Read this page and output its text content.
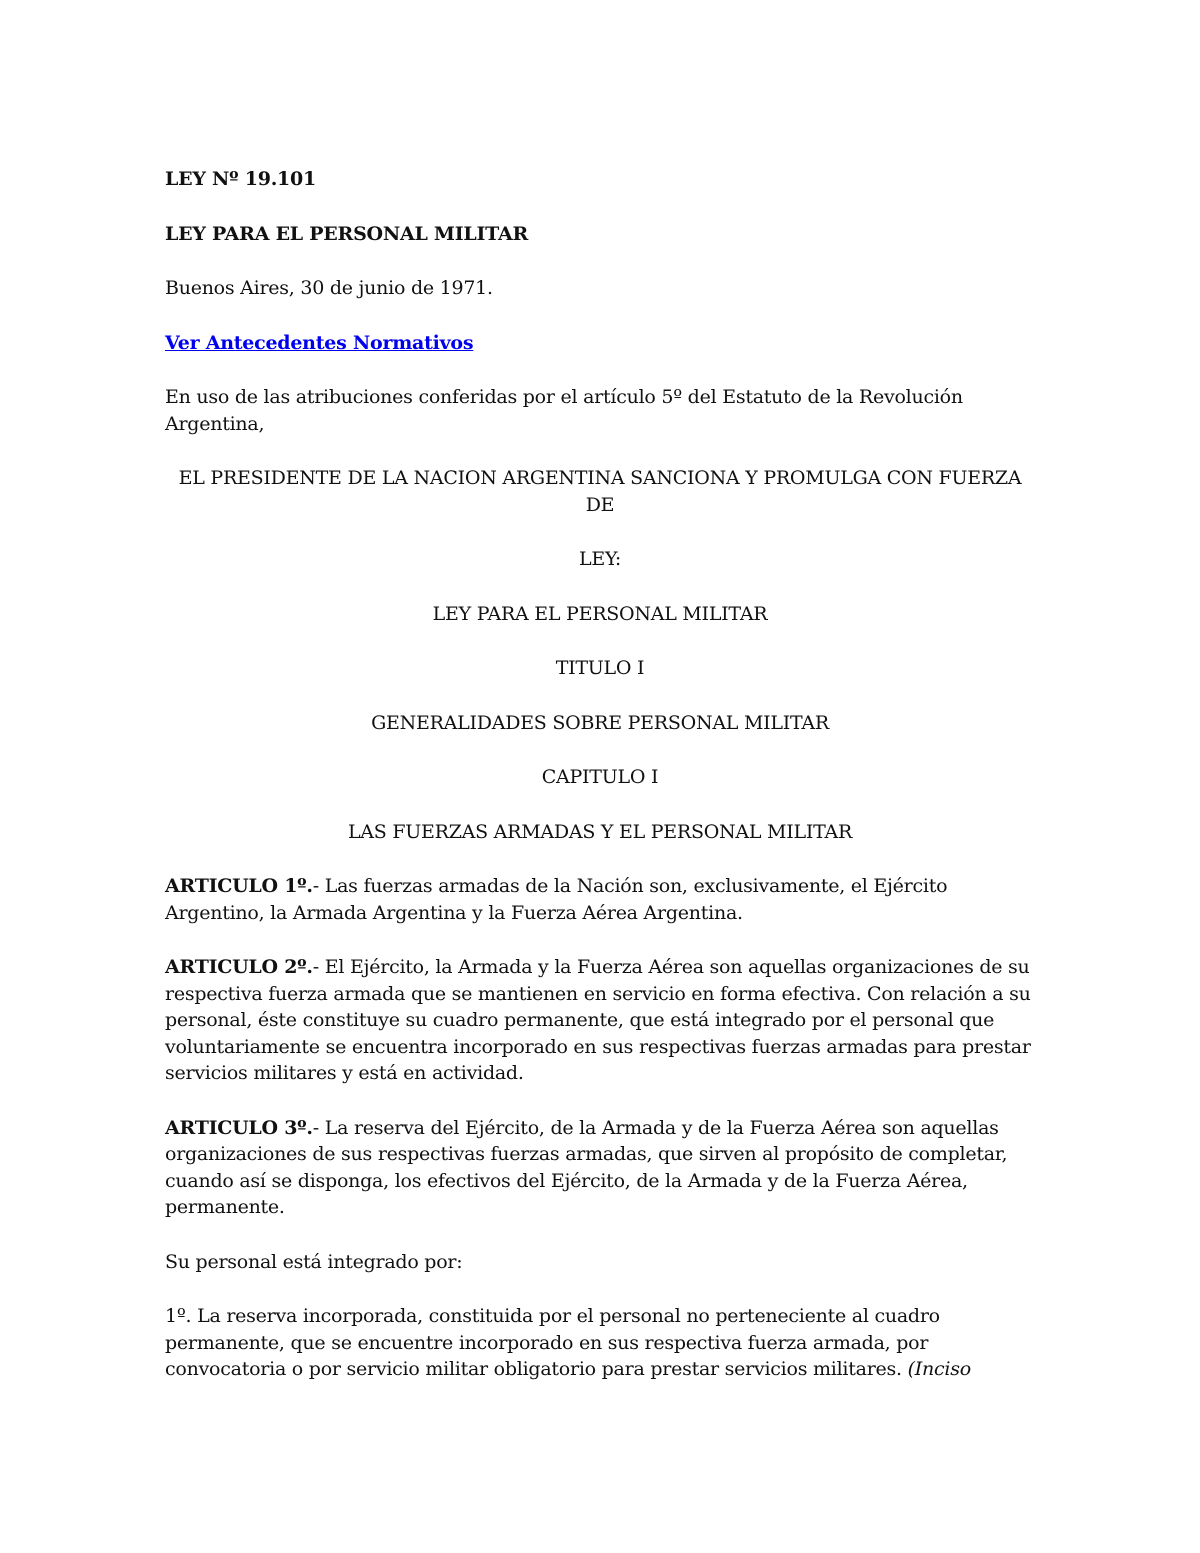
LEY Nº 19.101

LEY PARA EL PERSONAL MILITAR

Buenos Aires, 30 de junio de 1971.

Ver Antecedentes Normativos

En uso de las atribuciones conferidas por el artículo 5º del Estatuto de la Revolución Argentina,

EL PRESIDENTE DE LA NACION ARGENTINA SANCIONA Y PROMULGA CON FUERZA DE

LEY:

LEY PARA EL PERSONAL MILITAR

TITULO I

GENERALIDADES SOBRE PERSONAL MILITAR

CAPITULO I

LAS FUERZAS ARMADAS Y EL PERSONAL MILITAR

ARTICULO 1º.- Las fuerzas armadas de la Nación son, exclusivamente, el Ejército Argentino, la Armada Argentina y la Fuerza Aérea Argentina.

ARTICULO 2º.- El Ejército, la Armada y la Fuerza Aérea son aquellas organizaciones de su respectiva fuerza armada que se mantienen en servicio en forma efectiva. Con relación a su personal, éste constituye su cuadro permanente, que está integrado por el personal que voluntariamente se encuentra incorporado en sus respectivas fuerzas armadas para prestar servicios militares y está en actividad.

ARTICULO 3º.- La reserva del Ejército, de la Armada y de la Fuerza Aérea son aquellas organizaciones de sus respectivas fuerzas armadas, que sirven al propósito de completar, cuando así se disponga, los efectivos del Ejército, de la Armada y de la Fuerza Aérea, permanente.

Su personal está integrado por:

1º. La reserva incorporada, constituida por el personal no perteneciente al cuadro permanente, que se encuentre incorporado en sus respectiva fuerza armada, por convocatoria o por servicio militar obligatorio para prestar servicios militares. (Inciso
